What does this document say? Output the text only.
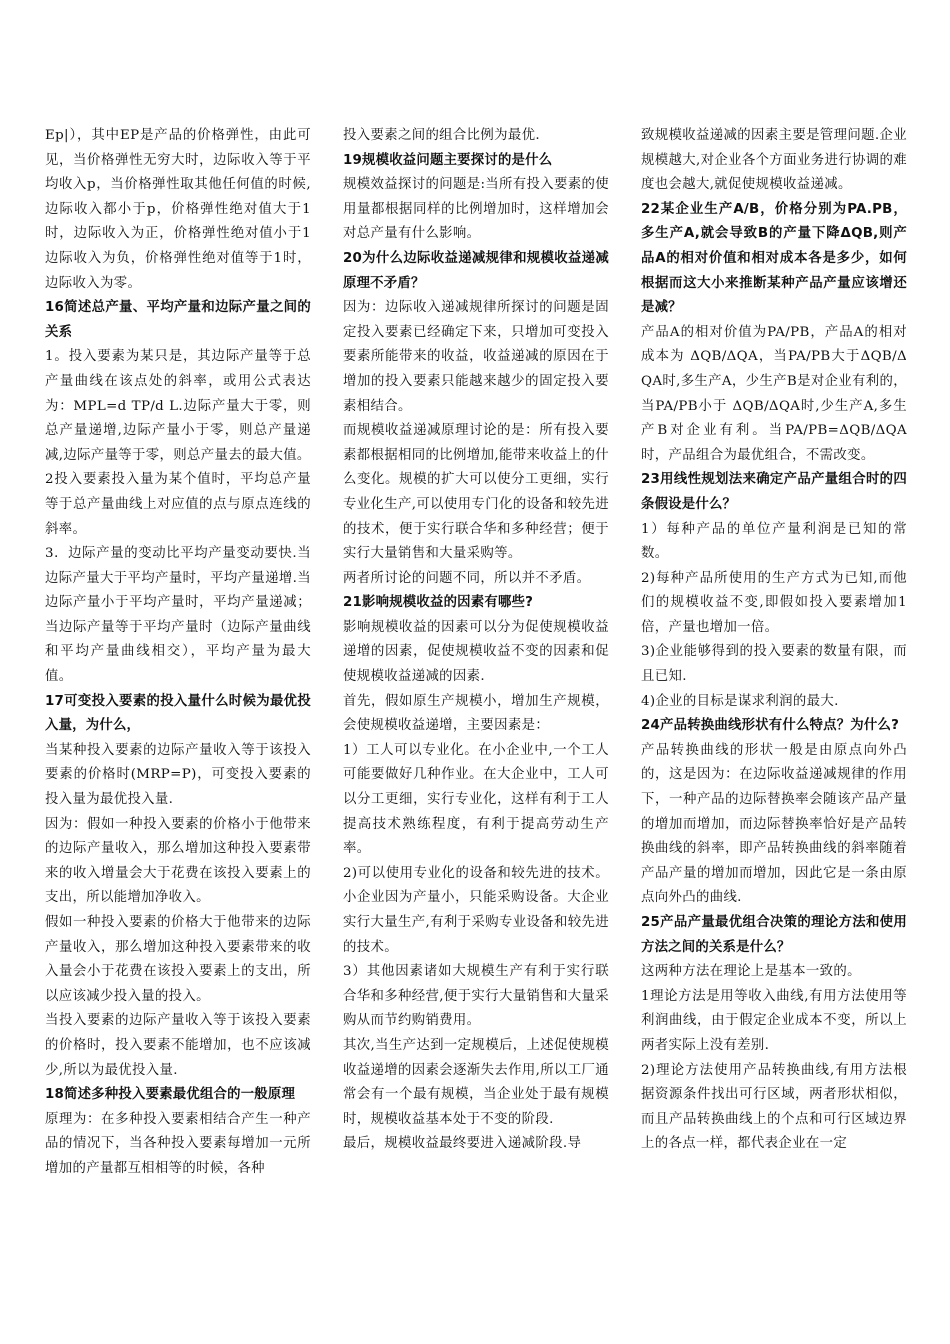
Ep|），其中EP是产品的价格弹性，由此可见，当价格弹性无穷大时，边际收入等于平均收入p，当价格弹性取其他任何值的时候,边际收入都小于p，价格弹性绝对值大于1时，边际收入为正，价格弹性绝对值小于1边际收入为负，价格弹性绝对值等于1时，边际收入为零。

16简述总产量、平均产量和边际产量之间的关系

1。投入要素为某只是，其边际产量等于总产量曲线在该点处的斜率，或用公式表达为：MPL=d TP/d L.边际产量大于零，则总产量递增,边际产量小于零，则总产量递减,边际产量等于零，则总产量去的最大值。

2投入要素投入量为某个值时，平均总产量等于总产量曲线上对应值的点与原点连线的斜率。

3．边际产量的变动比平均产量变动要快.当边际产量大于平均产量时，平均产量递增.当边际产量小于平均产量时，平均产量递减；当边际产量等于平均产量时（边际产量曲线和平均产量曲线相交），平均产量为最大值。

17可变投入要素的投入量什么时候为最优投入量，为什么，

当某种投入要素的边际产量收入等于该投入要素的价格时(MRP=P)，可变投入要素的投入量为最优投入量.

因为：假如一种投入要素的价格小于他带来的边际产量收入，那么增加这种投入要素带来的收入增量会大于花费在该投入要素上的支出，所以能增加净收入。

假如一种投入要素的价格大于他带来的边际产量收入，那么增加这种投入要素带来的收入量会小于花费在该投入要素上的支出，所以应该减少投入量的投入。

当投入要素的边际产量收入等于该投入要素的价格时，投入要素不能增加，也不应该减少,所以为最优投入量.

18简述多种投入要素最优组合的一般原理

原理为：在多种投入要素相结合产生一种产品的情况下，当各种投入要素每增加一元所增加的产量都互相相等的时候，各种

投入要素之间的组合比例为最优.

19规模收益问题主要探讨的是什么

规模效益探讨的问题是:当所有投入要素的使用量都根据同样的比例增加时，这样增加会对总产量有什么影响。

20为什么边际收益递减规律和规模收益递减原理不矛盾？

因为：边际收入递减规律所探讨的问题是固定投入要素已经确定下来，只增加可变投入要素所能带来的收益，收益递减的原因在于增加的投入要素只能越来越少的固定投入要素相结合。

而规模收益递减原理讨论的是：所有投入要素都根据相同的比例增加,能带来收益上的什么变化。规模的扩大可以使分工更细，实行专业化生产,可以使用专门化的设备和较先进的技术，便于实行联合华和多种经营；便于实行大量销售和大量采购等。

两者所讨论的问题不同，所以并不矛盾。

21影响规模收益的因素有哪些?

影响规模收益的因素可以分为促使规模收益递增的因素，促使规模收益不变的因素和促使规模收益递减的因素.

首先，假如原生产规模小，增加生产规模，会使规模收益递增，主要因素是：

1）工人可以专业化。在小企业中,一个工人可能要做好几种作业。在大企业中，工人可以分工更细，实行专业化，这样有利于工人提高技术熟练程度，有利于提高劳动生产率。

2)可以使用专业化的设备和较先进的技术。小企业因为产量小，只能采购设备。大企业实行大量生产,有利于采购专业设备和较先进的技术。

3）其他因素诸如大规模生产有利于实行联合华和多种经营,便于实行大量销售和大量采购从而节约购销费用。

其次,当生产达到一定规模后，上述促使规模收益递增的因素会逐渐失去作用,所以工厂通常会有一个最有规模，当企业处于最有规模时，规模收益基本处于不变的阶段.

最后，规模收益最终要进入递减阶段.导

致规模收益递减的因素主要是管理问题.企业规模越大,对企业各个方面业务进行协调的难度也会越大,就促使规模收益递减。

22某企业生产A/B，价格分别为PA.PB，多生产A,就会导致B的产量下降ΔQB,则产品A的相对价值和相对成本各是多少，如何根据而这大小来推断某种产品产量应该增还是减？

产品A的相对价值为PA/PB，产品A的相对成本为 ΔQB/ΔQA，当PA/PB大于ΔQB/ΔQA时,多生产A，少生产B是对企业有利的，当PA/PB小于 ΔQB/ΔQA时,少生产A,多生产B对企业有利。当PA/PB=ΔQB/ΔQA时，产品组合为最优组合，不需改变。

23用线性规划法来确定产品产量组合时的四条假设是什么？

1）每种产品的单位产量利润是已知的常数。

2)每种产品所使用的生产方式为已知,而他们的规模收益不变,即假如投入要素增加1倍，产量也增加一倍。

3)企业能够得到的投入要素的数量有限，而且已知.

4)企业的目标是谋求利润的最大.

24产品转换曲线形状有什么特点？为什么?

产品转换曲线的形状一般是由原点向外凸的，这是因为：在边际收益递减规律的作用下，一种产品的边际替换率会随该产品产量的增加而增加，而边际替换率恰好是产品转换曲线的斜率，即产品转换曲线的斜率随着产品产量的增加而增加，因此它是一条由原点向外凸的曲线.

25产品产量最优组合决策的理论方法和使用方法之间的关系是什么？

这两种方法在理论上是基本一致的。

1理论方法是用等收入曲线,有用方法使用等利润曲线，由于假定企业成本不变，所以上两者实际上没有差别.

2)理论方法使用产品转换曲线,有用方法根据资源条件找出可行区域，两者形状相似，而且产品转换曲线上的个点和可行区域边界上的各点一样，都代表企业在一定
